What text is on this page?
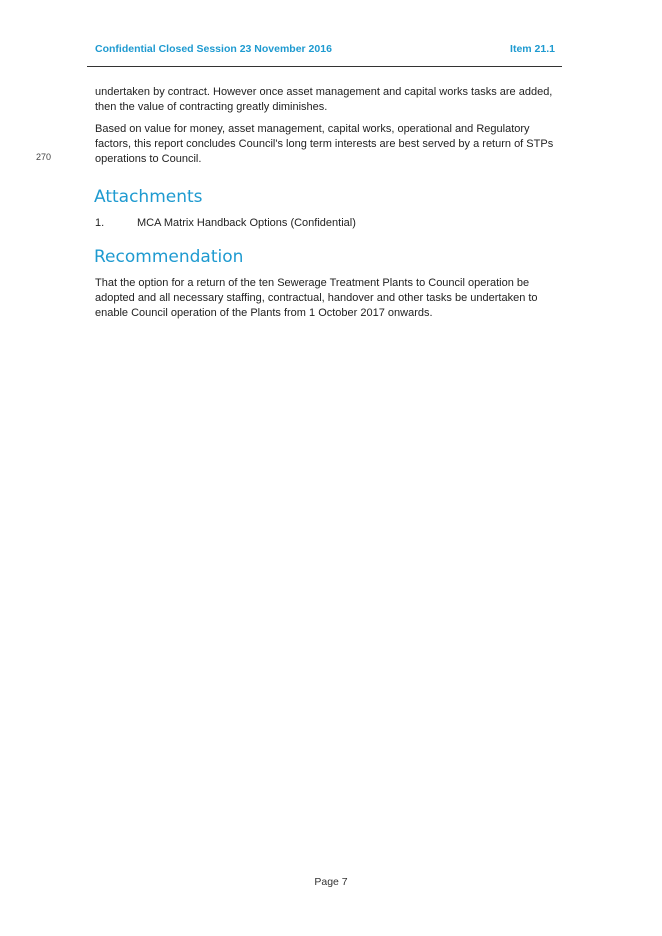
Confidential Closed Session 23 November 2016	Item 21.1
undertaken by contract. However once asset management and capital works tasks are added, then the value of contracting greatly diminishes.
Based on value for money, asset management, capital works, operational and Regulatory factors, this report concludes Council's long term interests are best served by a return of STPs operations to Council.
270
Attachments
1.	MCA Matrix Handback Options (Confidential)
Recommendation
That the option for a return of the ten Sewerage Treatment Plants to Council operation be adopted and all necessary staffing, contractual, handover and other tasks be undertaken to enable Council operation of the Plants from 1 October 2017 onwards.
Page 7
